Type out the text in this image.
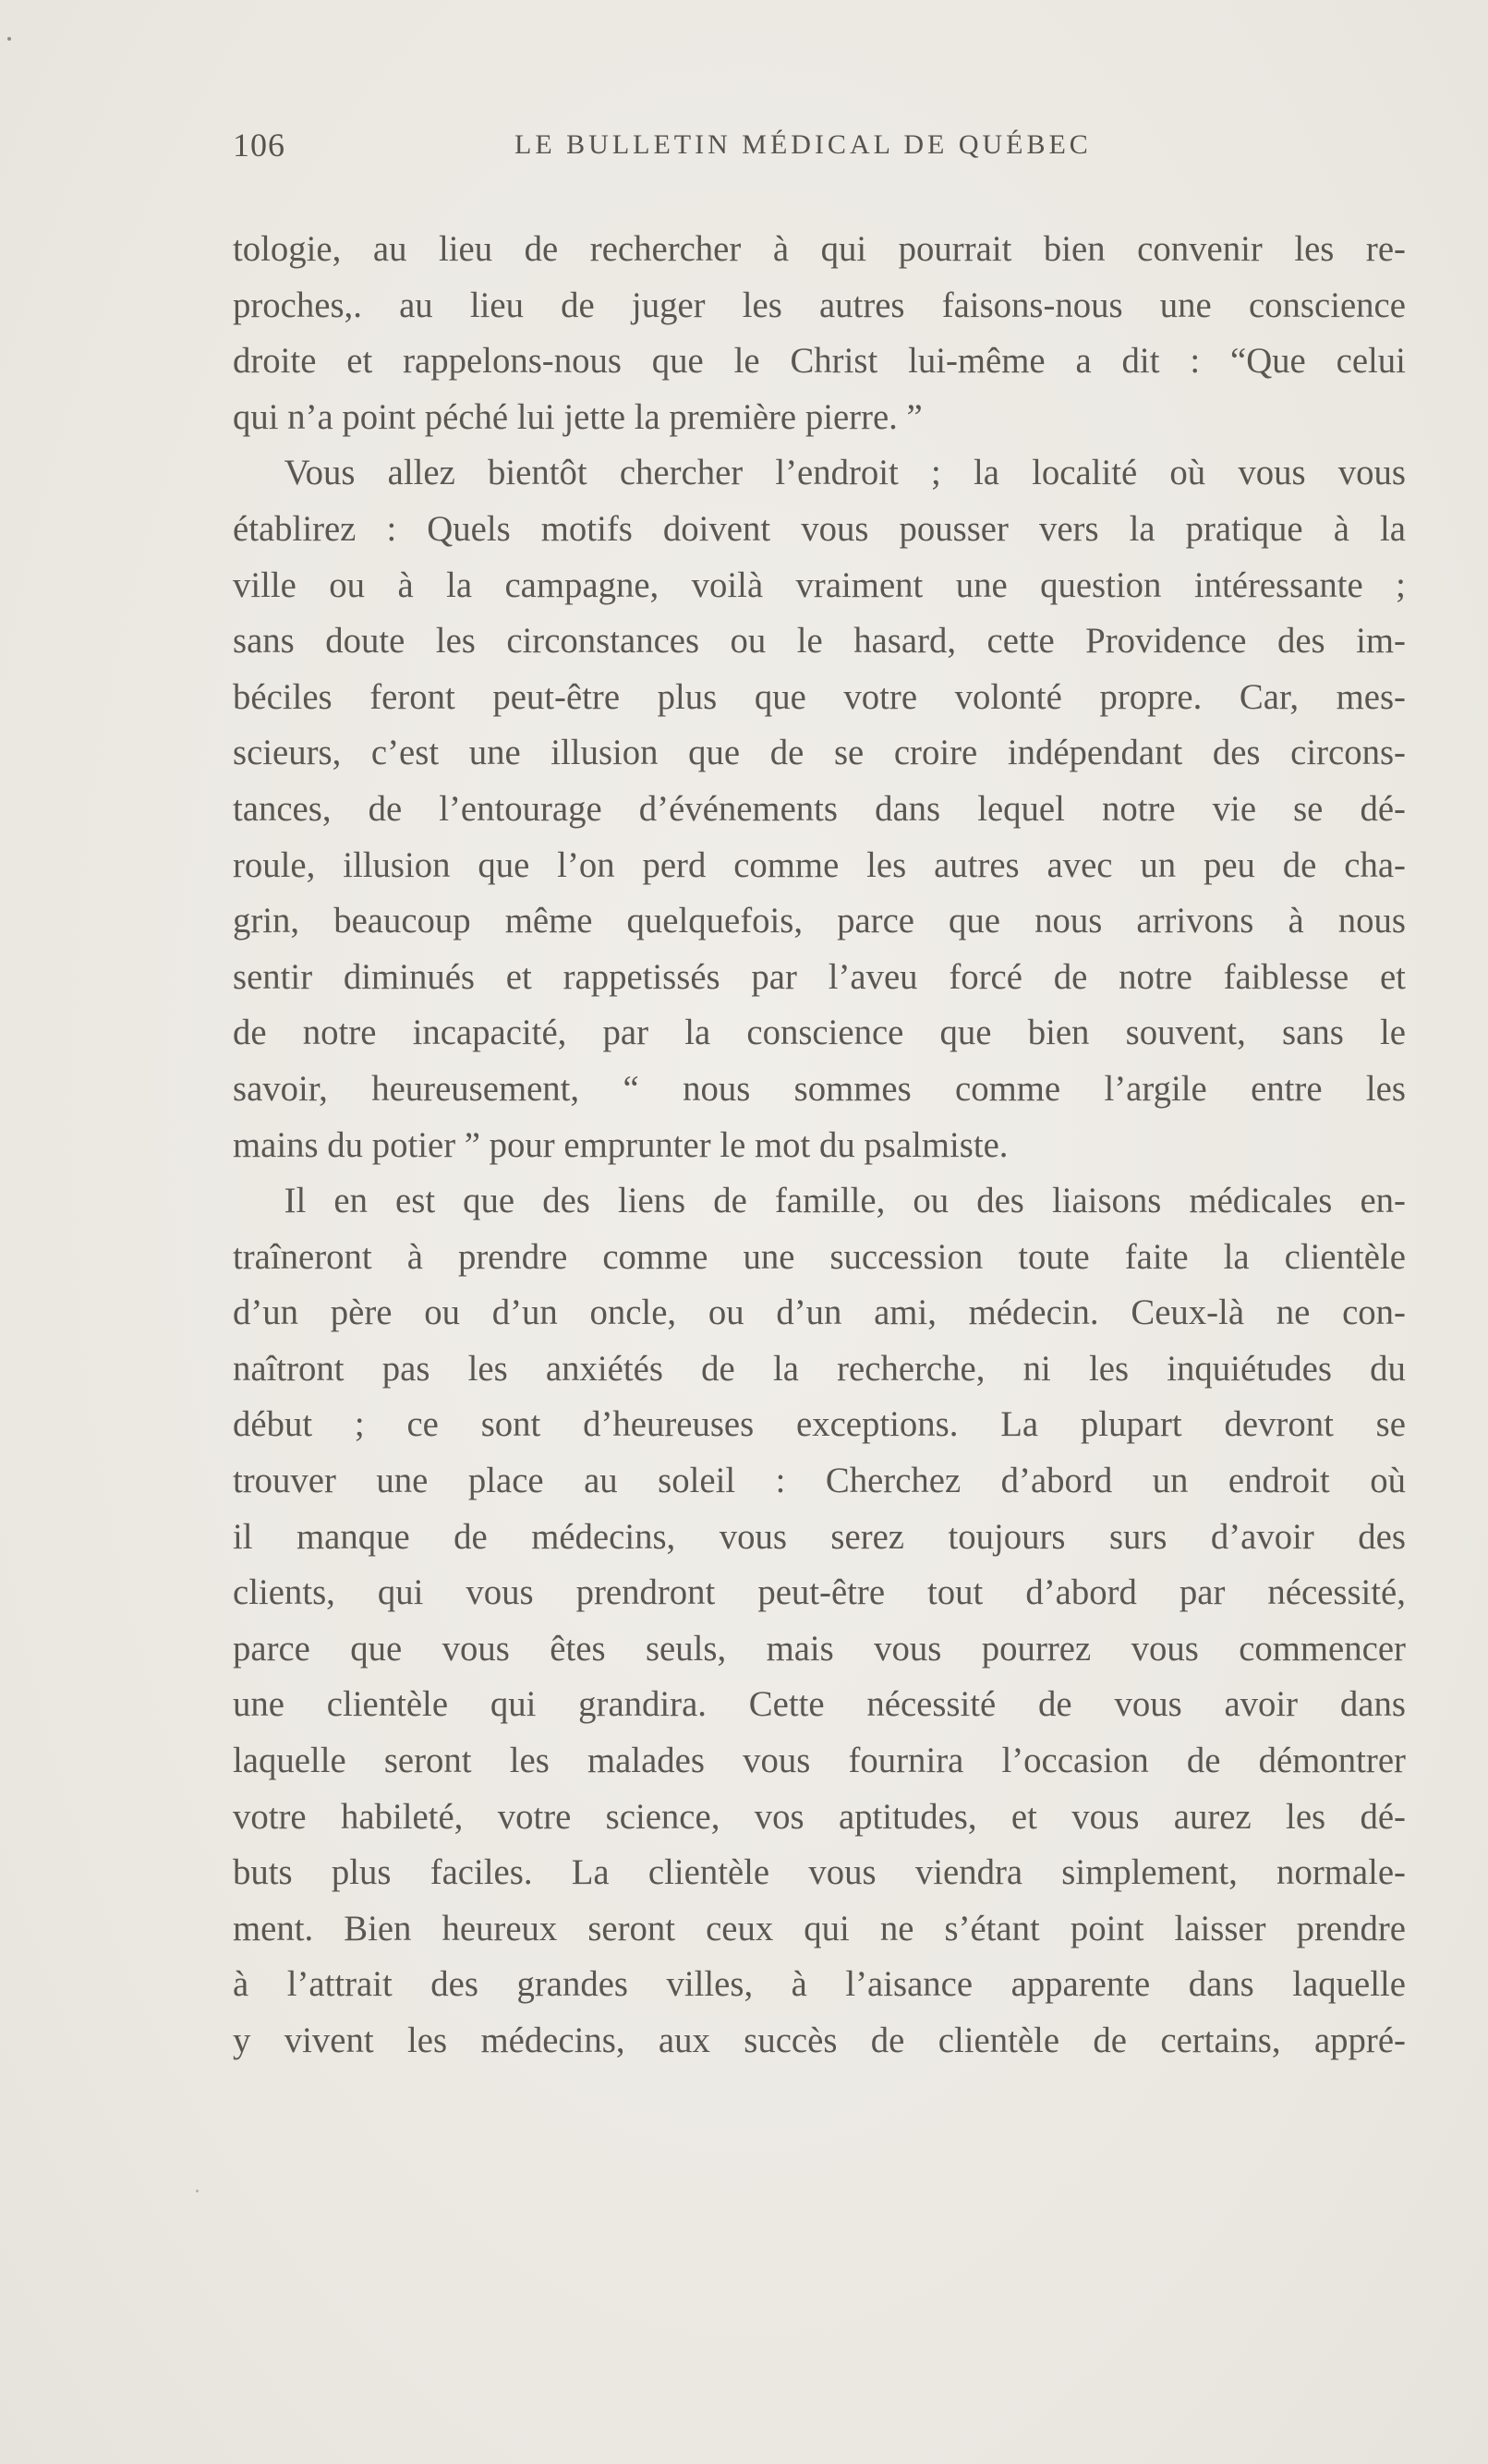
106	LE BULLETIN MÉDICAL DE QUÉBEC
tologie, au lieu de rechercher à qui pourrait bien convenir les re-
proches,. au lieu de juger les autres faisons-nous une conscience
droite et rappelons-nous que le Christ lui-même a dit : “Que celui
qui n’a point péché lui jette la première pierre. ”
Vous allez bientôt chercher l’endroit ; la localité où vous vous
établirez : Quels motifs doivent vous pousser vers la pratique à la
ville ou à la campagne, voilà vraiment une question intéressante ;
sans doute les circonstances ou le hasard, cette Providence des im-
béciles feront peut-être plus que votre volonté propre. Car, mes-
scieurs, c’est une illusion que de se croire indépendant des circons-
tances, de l’entourage d’événements dans lequel notre vie se dé-
roule, illusion que l’on perd comme les autres avec un peu de cha-
grin, beaucoup même quelquefois, parce que nous arrivons à nous
sentir diminués et rappetissés par l’aveu forcé de notre faiblesse et
de notre incapacité, par la conscience que bien souvent, sans le
savoir, heureusement, “ nous sommes comme l’argile entre les
mains du potier ” pour emprunter le mot du psalmiste.
Il en est que des liens de famille, ou des liaisons médicales en-
traîneront à prendre comme une succession toute faite la clientèle
d’un père ou d’un oncle, ou d’un ami, médecin. Ceux-là ne con-
naîtront pas les anxiétés de la recherche, ni les inquiétudes du
début ; ce sont d’heureuses exceptions. La plupart devront se
trouver une place au soleil : Cherchez d’abord un endroit où
il manque de médecins, vous serez toujours surs d’avoir des
clients, qui vous prendront peut-être tout d’abord par nécessité,
parce que vous êtes seuls, mais vous pourrez vous commencer
une clientèle qui grandira. Cette nécessité de vous avoir dans
laquelle seront les malades vous fournira l’occasion de démontrer
votre habileté, votre science, vos aptitudes, et vous aurez les dé-
buts plus faciles. La clientèle vous viendra simplement, normale-
ment. Bien heureux seront ceux qui ne s’étant point laisser prendre
à l’attrait des grandes villes, à l’aisance apparente dans laquelle
y vivent les médecins, aux succès de clientèle de certains, appré-
